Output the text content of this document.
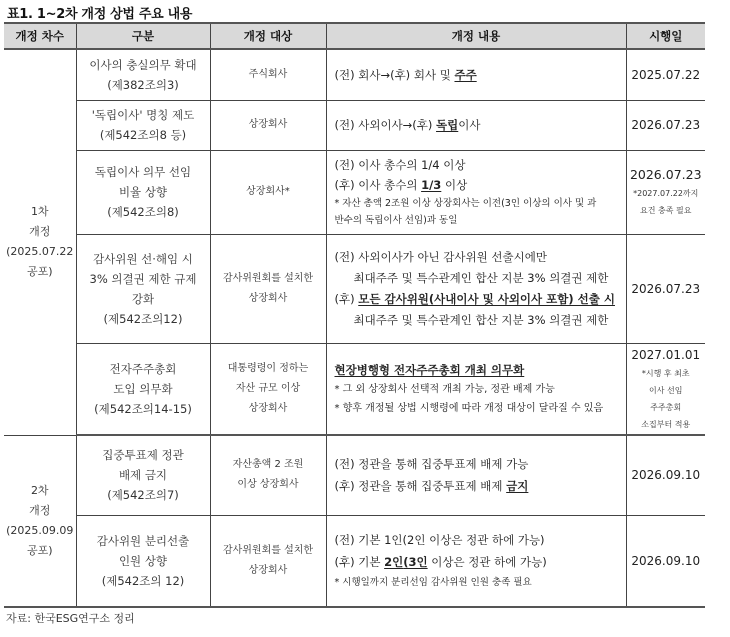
표1. 1~2차 개정 상법 주요 내용
개정 차수	구분	개정 대상	개정 내용	시행일

1차
개정
(2025.07.22
공포)	이사의 충실의무 확대
(제382조의3)	주식회사	(전) 회사→(후) 회사 및 주주	2025.07.22

	'독립이사' 명칭 제도
(제542조의8 등)	상장회사	(전) 사외이사→(후) 독립이사	2026.07.23

	독립이사 의무 선임
비율 상향
(제542조의8)	상장회사*	(전) 이사 총수의 1/4 이상
(후) 이사 총수의 1/3 이상
* 자산 총액 2조원 이상 상장회사는 이전(3인 이상의 이사 및 과
반수의 독립이사 선임)과 동일	2026.07.23
*2027.07.22까지
요건 충족 필요

	감사위원 선·해임 시
3% 의결권 제한 규제
강화
(제542조의12)	감사위원회를 설치한
상장회사	(전) 사외이사가 아닌 감사위원 선출시에만
최대주주 및 특수관계인 합산 지분 3% 의결권 제한
(후) 모든 감사위원(사내이사 및 사외이사 포함) 선출 시
최대주주 및 특수관계인 합산 지분 3% 의결권 제한	2026.07.23

	전자주주총회
도입 의무화
(제542조의14-15)	대통령령이 정하는
자산 규모 이상
상장회사	현장병행형 전자주주총회 개최 의무화
* 그 외 상장회사 선택적 개최 가능, 정관 배제 가능
* 향후 개정될 상법 시행령에 따라 개정 대상이 달라질 수 있음	2027.01.01
*시행 후 최초
이사 선임
주주총회
소집부터 적용

2차
개정
(2025.09.09
공포)	집중투표제 정관
배제 금지
(제542조의7)	자산총액 2 조원
이상 상장회사	(전) 정관을 통해 집중투표제 배제 가능
(후) 정관을 통해 집중투표제 배제 금지	2026.09.10

	감사위원 분리선출
인원 상향
(제542조의 12)	감사위원회를 설치한
상장회사	(전) 기본 1인(2인 이상은 정관 하에 가능)
(후) 기본 2인(3인 이상은 정관 하에 가능)
* 시행일까지 분리선임 감사위원 인원 충족 필요	2026.09.10
자료: 한국ESG연구소 정리
